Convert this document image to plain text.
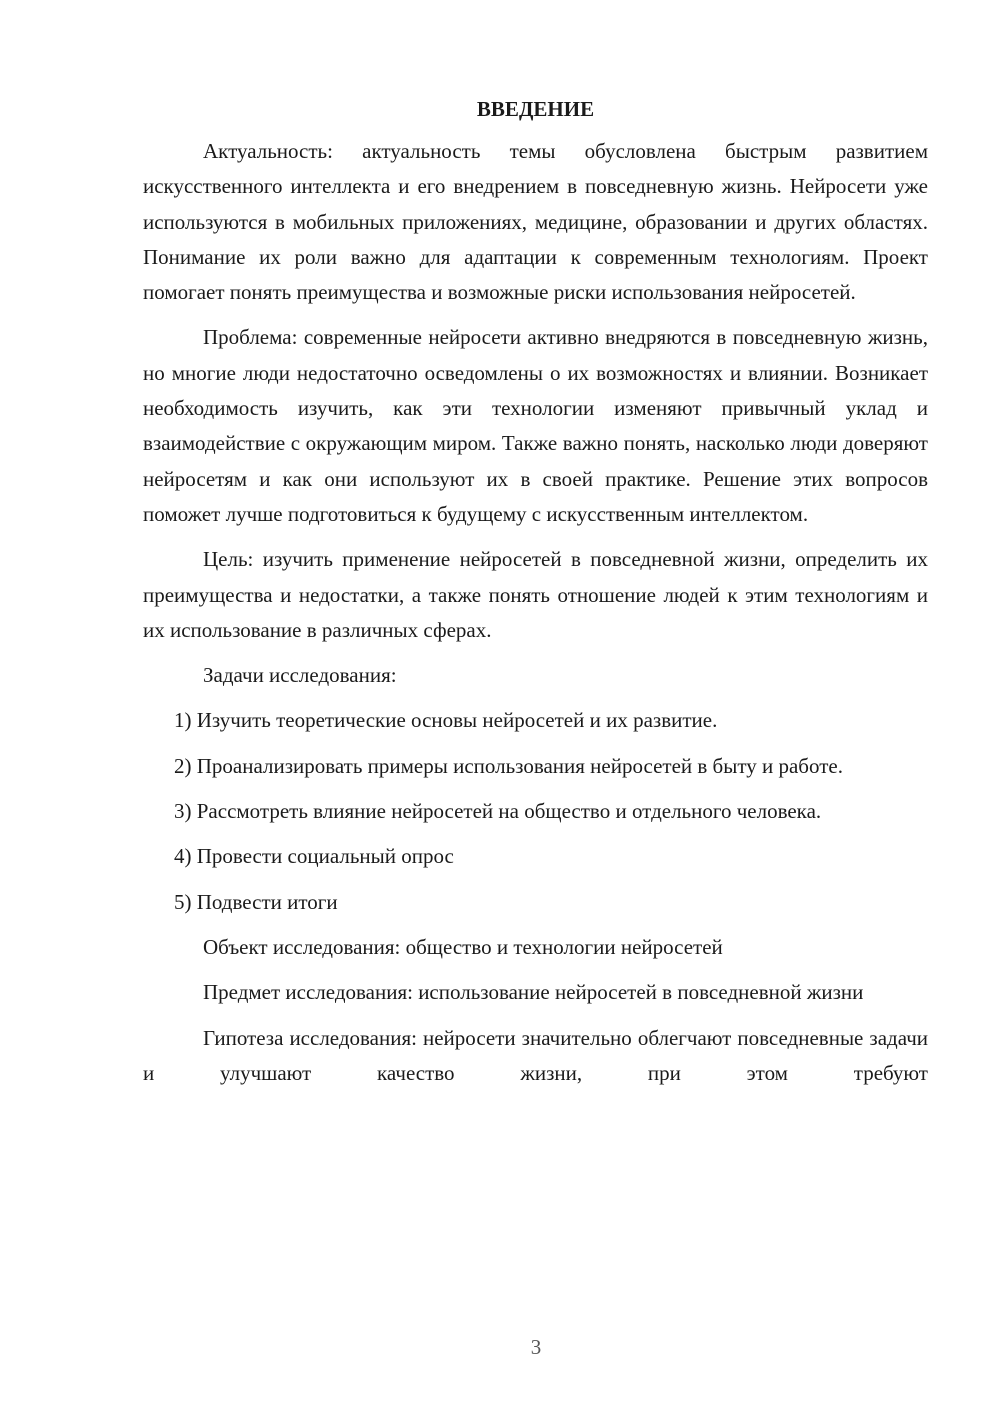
ВВЕДЕНИЕ

Актуальность: актуальность темы обусловлена быстрым развитием искусственного интеллекта и его внедрением в повседневную жизнь. Нейросети уже используются в мобильных приложениях, медицине, образовании и других областях. Понимание их роли важно для адаптации к современным технологиям. Проект помогает понять преимущества и возможные риски использования нейросетей.

Проблема: современные нейросети активно внедряются в повседневную жизнь, но многие люди недостаточно осведомлены о их возможностях и влиянии. Возникает необходимость изучить, как эти технологии изменяют привычный уклад и взаимодействие с окружающим миром. Также важно понять, насколько люди доверяют нейросетям и как они используют их в своей практике. Решение этих вопросов поможет лучше подготовиться к будущему с искусственным интеллектом.

Цель: изучить применение нейросетей в повседневной жизни, определить их преимущества и недостатки, а также понять отношение людей к этим технологиям и их использование в различных сферах.

Задачи исследования:

1) Изучить теоретические основы нейросетей и их развитие.

2) Проанализировать примеры использования нейросетей в быту и работе.

3) Рассмотреть влияние нейросетей на общество и отдельного человека.

4) Провести социальный опрос

5) Подвести итоги

Объект исследования: общество и технологии нейросетей

Предмет исследования: использование нейросетей в повседневной жизни

Гипотеза исследования: нейросети значительно облегчают повседневные задачи и улучшают качество жизни, при этом требуют

3
